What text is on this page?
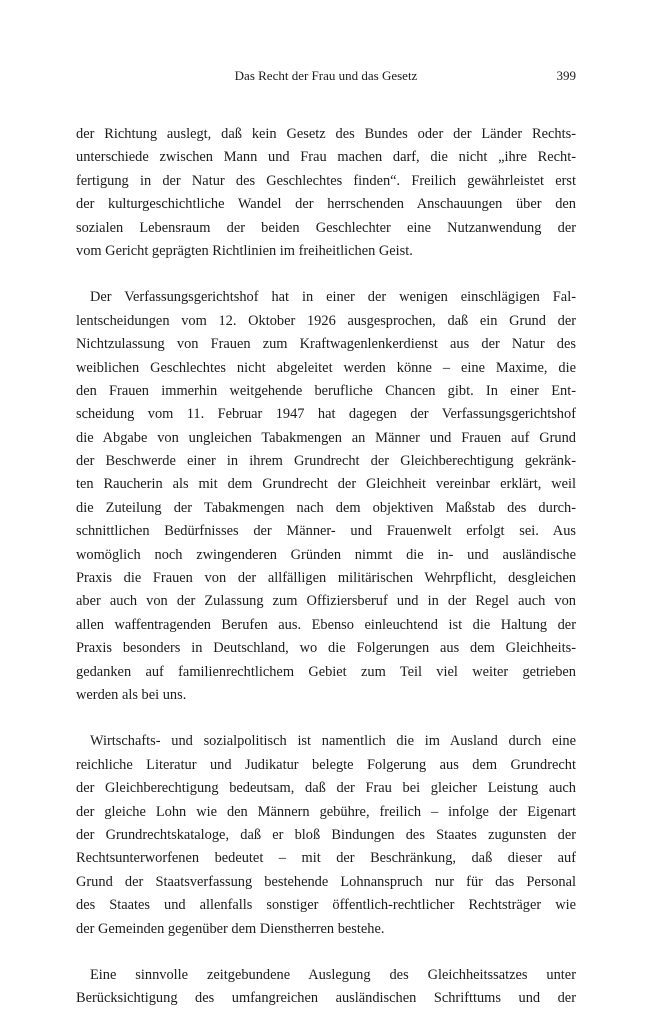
Das Recht der Frau und das Gesetz	399
der Richtung auslegt, daß kein Gesetz des Bundes oder der Länder Rechts-
unterschiede zwischen Mann und Frau machen darf, die nicht „ihre Recht-
fertigung in der Natur des Geschlechtes finden“. Freilich gewährleistet erst
der kulturgeschichtliche Wandel der herrschenden Anschauungen über den
sozialen Lebensraum der beiden Geschlechter eine Nutzanwendung der
vom Gericht geprägten Richtlinien im freiheitlichen Geist.
Der Verfassungsgerichtshof hat in einer der wenigen einschlägigen Fal-
lentscheidungen vom 12. Oktober 1926 ausgesprochen, daß ein Grund der
Nichtzulassung von Frauen zum Kraftwagenlenkerdienst aus der Natur des
weiblichen Geschlechtes nicht abgeleitet werden könne – eine Maxime, die
den Frauen immerhin weitgehende berufliche Chancen gibt. In einer Ent-
scheidung vom 11. Februar 1947 hat dagegen der Verfassungsgerichtshof
die Abgabe von ungleichen Tabakmengen an Männer und Frauen auf Grund
der Beschwerde einer in ihrem Grundrecht der Gleichberechtigung gekränk-
ten Raucherin als mit dem Grundrecht der Gleichheit vereinbar erklärt, weil
die Zuteilung der Tabakmengen nach dem objektiven Maßstab des durch-
schnittlichen Bedürfnisses der Männer- und Frauenwelt erfolgt sei. Aus
womöglich noch zwingenderen Gründen nimmt die in- und ausländische
Praxis die Frauen von der allfälligen militärischen Wehrpflicht, desgleichen
aber auch von der Zulassung zum Offiziersberuf und in der Regel auch von
allen waffentragenden Berufen aus. Ebenso einleuchtend ist die Haltung der
Praxis besonders in Deutschland, wo die Folgerungen aus dem Gleichheits-
gedanken auf familienrechtlichem Gebiet zum Teil viel weiter getrieben
werden als bei uns.
Wirtschafts- und sozialpolitisch ist namentlich die im Ausland durch eine
reichliche Literatur und Judikatur belegte Folgerung aus dem Grundrecht
der Gleichberechtigung bedeutsam, daß der Frau bei gleicher Leistung auch
der gleiche Lohn wie den Männern gebühre, freilich – infolge der Eigenart
der Grundrechtskataloge, daß er bloß Bindungen des Staates zugunsten der
Rechtsunterworfenen bedeutet – mit der Beschränkung, daß dieser auf
Grund der Staatsverfassung bestehende Lohnanspruch nur für das Personal
des Staates und allenfalls sonstiger öffentlich-rechtlicher Rechtsträger wie
der Gemeinden gegenüber dem Dienstherren bestehe.
Eine sinnvolle zeitgebundene Auslegung des Gleichheitssatzes unter
Berücksichtigung des umfangreichen ausländischen Schrifttums und der
